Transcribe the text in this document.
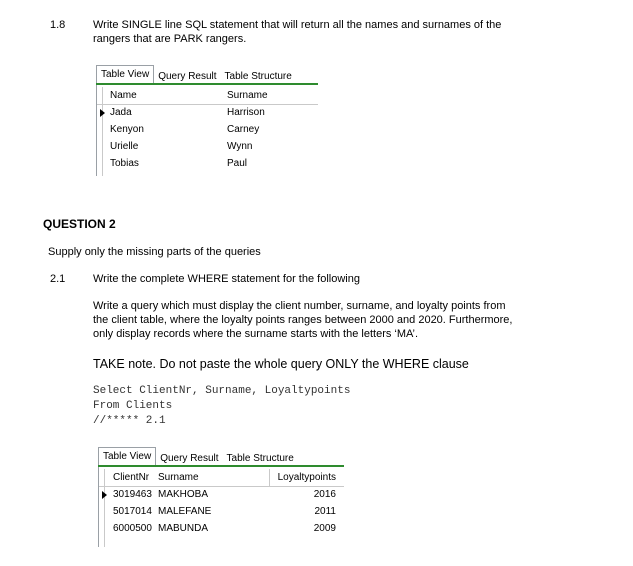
1.8	Write SINGLE line SQL statement that will return all the names and surnames of the
rangers that are PARK rangers.
Table View Query Result Table Structure
Name
Jada
Kenyon
Urielle
Tobias
Surname
Harrison
Carney
Wynn
Paul
QUESTION 2
Supply only the missing parts of the queries
2.1	Write the complete WHERE statement for the following
Write a query which must display the client number, surname, and loyalty points from
the client table, where the loyalty points ranges between 2000 and 2020. Furthermore,
only display records where the surname starts with the letters ‘MA’.
TAKE note. Do not paste the whole query ONLY the WHERE clause
Select ClientNr, Surname, Loyaltypoints
From Clients
//***** 2.1
Table View Query Result Table Structure
ClientNr
3019463
5017014
6000500
Surname
MAKHOBA
MALEFANE
MABUNDA
Loyaltypoints
2016
2011
2009
